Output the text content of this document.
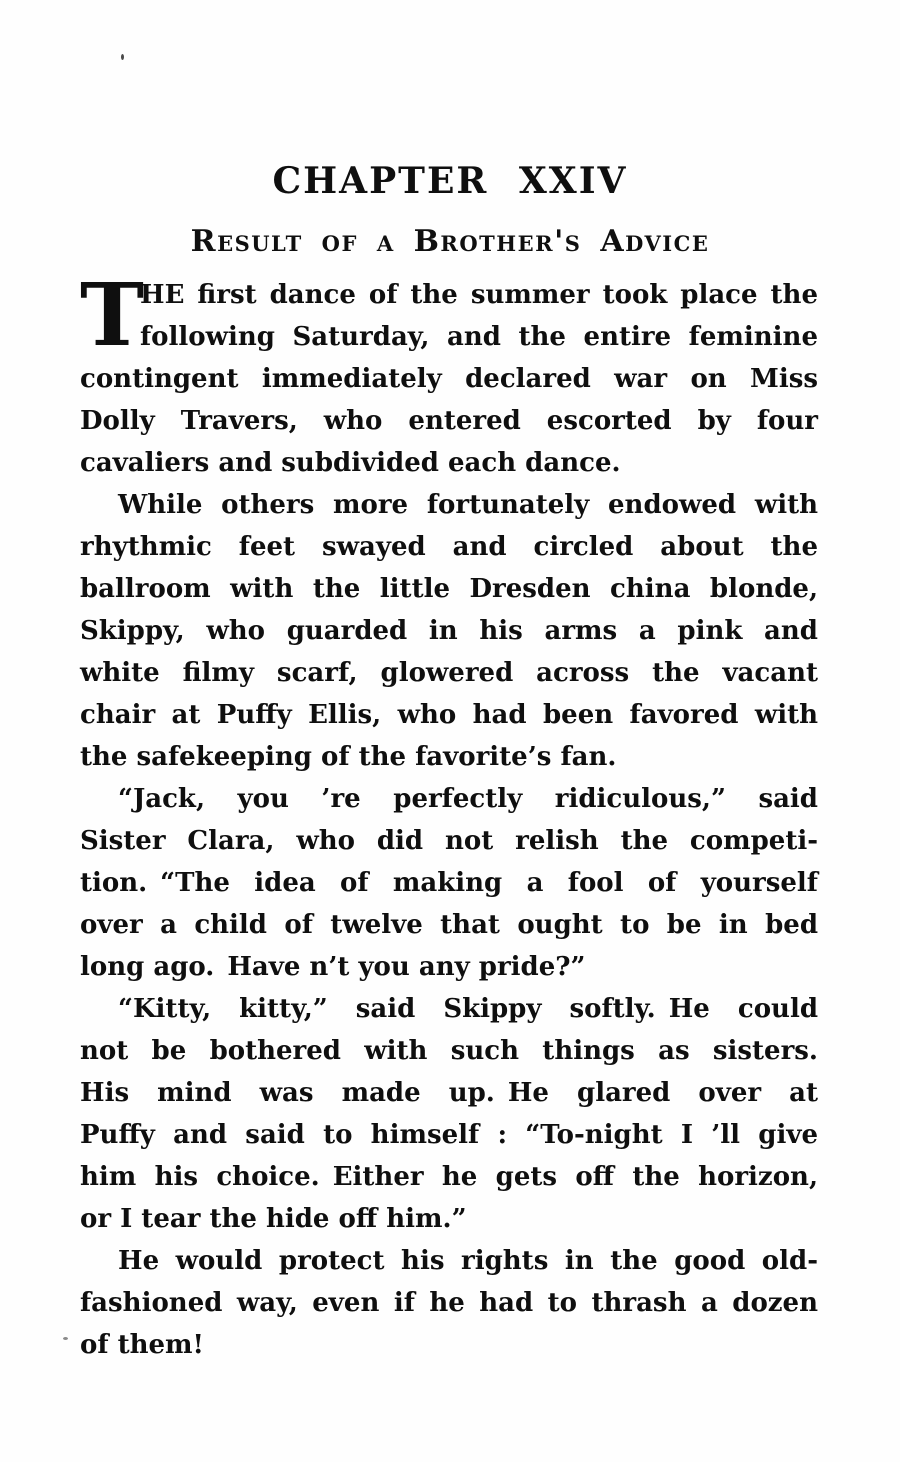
CHAPTER XXIV
Result of a Brother's Advice
T
HE first dance of the summer took place the
following Saturday, and the entire feminine
contingent immediately declared war on Miss
Dolly Travers, who entered escorted by four
cavaliers and subdivided each dance.
While others more fortunately endowed with
rhythmic feet swayed and circled about the
ballroom with the little Dresden china blonde,
Skippy, who guarded in his arms a pink and
white filmy scarf, glowered across the vacant
chair at Puffy Ellis, who had been favored with
the safekeeping of the favorite’s fan.
“Jack, you ’re perfectly ridiculous,” said
Sister Clara, who did not relish the competi-
tion. “The idea of making a fool of yourself
over a child of twelve that ought to be in bed
long ago. Have n’t you any pride?”
“Kitty, kitty,” said Skippy softly. He could
not be bothered with such things as sisters.
His mind was made up. He glared over at
Puffy and said to himself : “To-night I ’ll give
him his choice. Either he gets off the horizon,
or I tear the hide off him.”
He would protect his rights in the good old-
fashioned way, even if he had to thrash a dozen
of them!
